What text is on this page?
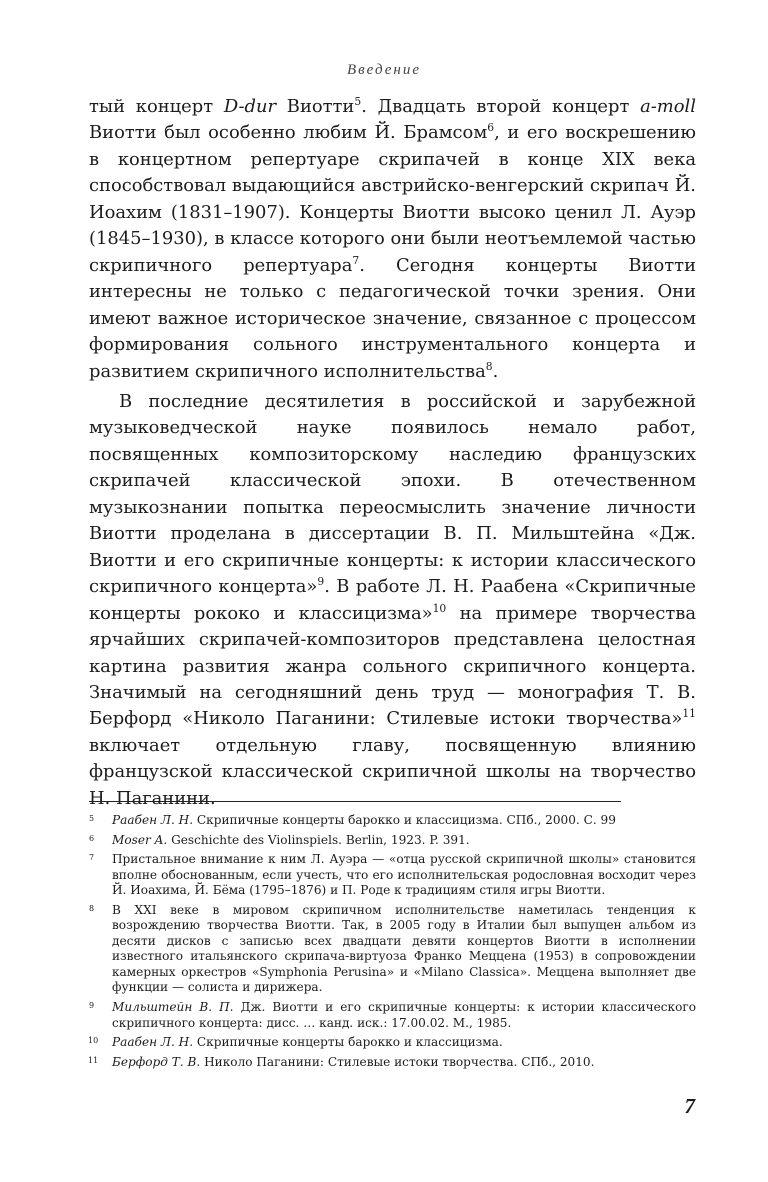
Введение

тый концерт D-dur Виотти$^5$. Двадцать второй концерт a-moll Виотти был особенно любим Й. Брамсом$^6$, и его воскрешению в концертном репертуаре скрипачей в конце XIX века способствовал выдающийся австрийско-венгерский скрипач Й. Иоахим (1831–1907). Концерты Виотти высоко ценил Л. Ауэр (1845–1930), в классе которого они были неотъемлемой частью скрипичного репертуара$^7$. Сегодня концерты Виотти интересны не только с педагогической точки зрения. Они имеют важное историческое значение, связанное с процессом формирования сольного инструментального концерта и развитием скрипичного исполнительства$^8$.

В последние десятилетия в российской и зарубежной музыковедческой науке появилось немало работ, посвященных композиторскому наследию французских скрипачей классической эпохи. В отечественном музыкознании попытка переосмыслить значение личности Виотти проделана в диссертации В. П. Мильштейна «Дж. Виотти и его скрипичные концерты: к истории классического скрипичного концерта»$^9$. В работе Л. Н. Раабена «Скрипичные концерты рококо и классицизма»$^{10}$ на примере творчества ярчайших скрипачей-композиторов представлена целостная картина развития жанра сольного скрипичного концерта. Значимый на сегодняшний день труд — монография Т. В. Берфорд «Николо Паганини: Стилевые истоки творчества»$^{11}$ включает отдельную главу, посвященную влиянию французской классической скрипичной школы на творчество Н. Паганини.

5 Раабен Л. Н. Скрипичные концерты барокко и классицизма. СПб., 2000. С. 99
6 Moser A. Geschichte des Violinspiels. Berlin, 1923. P. 391.
7 Пристальное внимание к ним Л. Ауэра — «отца русской скрипичной школы» становится вполне обоснованным, если учесть, что его исполнительская родословная восходит через Й. Иоахима, Й. Бёма (1795–1876) и П. Роде к традициям стиля игры Виотти.
8 В XXI веке в мировом скрипичном исполнительстве наметилась тенденция к возрождению творчества Виотти. Так, в 2005 году в Италии был выпущен альбом из десяти дисков с записью всех двадцати девяти концертов Виотти в исполнении известного итальянского скрипача-виртуоза Франко Меццена (1953) в сопровождении камерных оркестров «Symphonia Perusina» и «Milano Classica». Меццена выполняет две функции — солиста и дирижера.
9 Мильштейн В. П. Дж. Виотти и его скрипичные концерты: к истории классического скрипичного концерта: дисс. … канд. иск.: 17.00.02. М., 1985.
10 Раабен Л. Н. Скрипичные концерты барокко и классицизма.
11 Берфорд Т. В. Николо Паганини: Стилевые истоки творчества. СПб., 2010.
7
